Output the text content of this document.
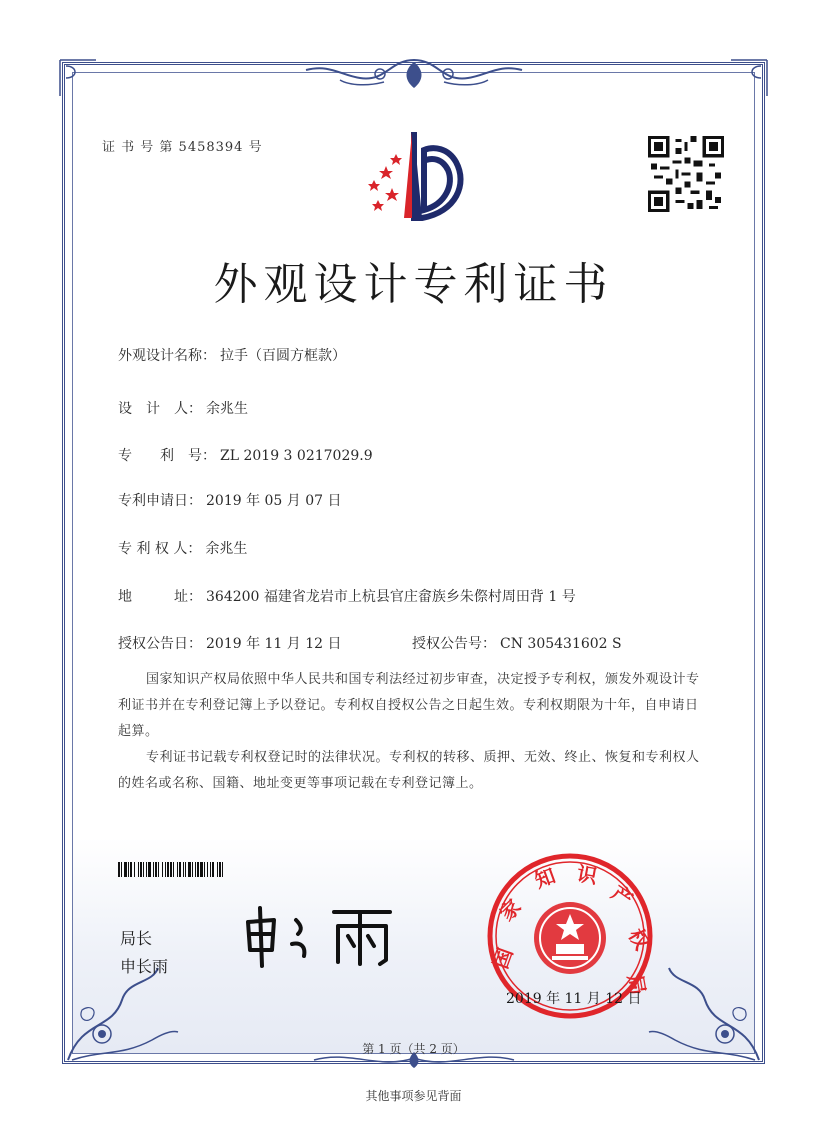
证 书 号 第 5458394 号
外观设计专利证书
外观设计名称： 拉手（百圆方框款）
设　计　人： 余兆生
专　　利　号： ZL 2019 3 0217029.9
专利申请日： 2019 年 05 月 07 日
专 利 权 人： 余兆生
地　　　址： 364200 福建省龙岩市上杭县官庄畲族乡朱傺村周田背 1 号
授权公告日： 2019 年 11 月 12 日	授权公告号： CN 305431602 S
国家知识产权局依照中华人民共和国专利法经过初步审查，决定授予专利权，颁发外观设计专利证书并在专利登记簿上予以登记。专利权自授权公告之日起生效。专利权期限为十年，自申请日起算。
专利证书记载专利权登记时的法律状况。专利权的转移、质押、无效、终止、恢复和专利权人的姓名或名称、国籍、地址变更等事项记载在专利登记簿上。
局长
申长雨	国
家
知 识
产
权
局
2019 年 11 月 12 日
第 1 页（共 2 页）
其他事项参见背面
